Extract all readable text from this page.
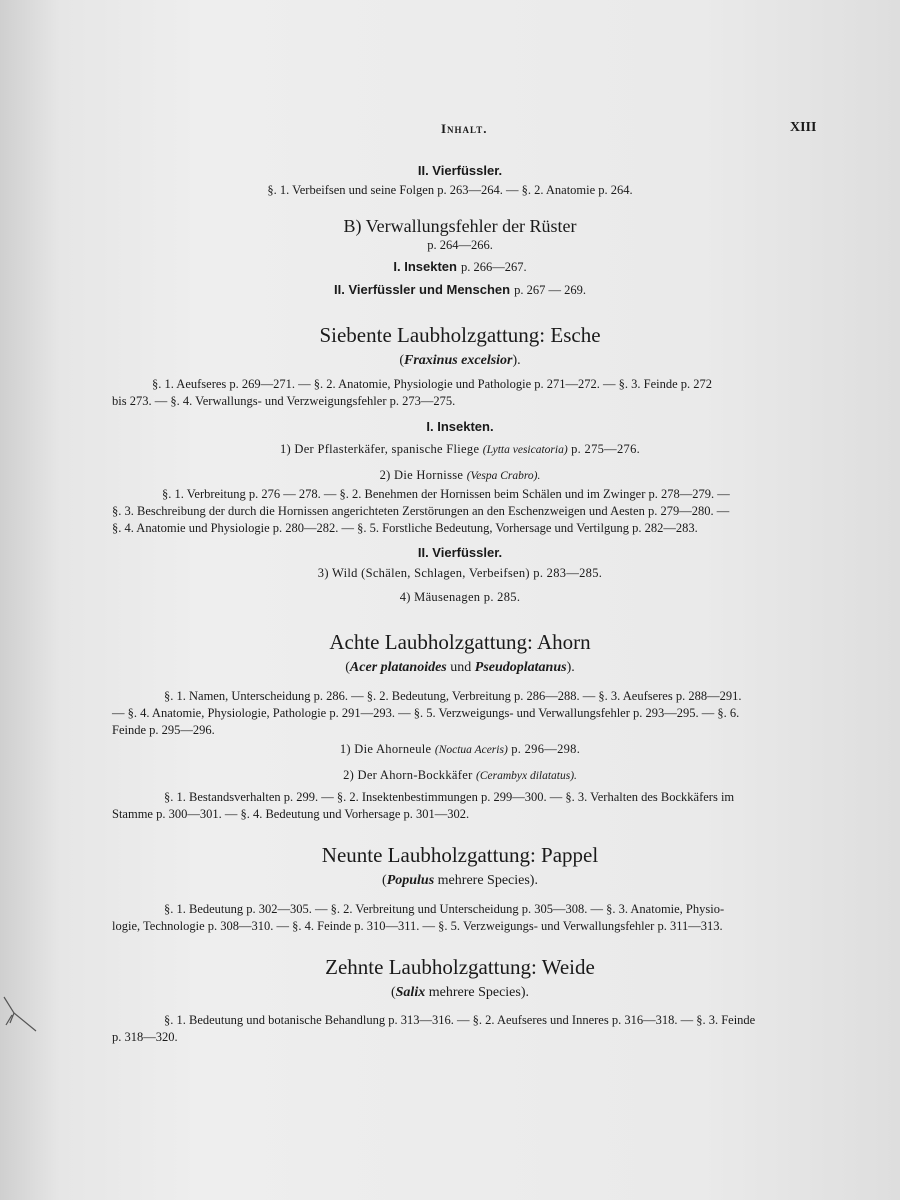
Inhalt.	XIII
II. Vierfüssler.
§. 1. Verbeifsen und seine Folgen p. 263—264. — §. 2. Anatomie p. 264.
B) Verwallungsfehler der Rüster
p. 264—266.
I. Insekten p. 266—267.
II. Vierfüssler und Menschen p. 267 — 269.
Siebente Laubholzgattung: Esche
(Fraxinus excelsior).
§. 1. Aeufseres p. 269—271. — §. 2. Anatomie, Physiologie und Pathologie p. 271—272. — §. 3. Feinde p. 272
bis 273. — §. 4. Verwallungs- und Verzweigungsfehler p. 273—275.
I. Insekten.
1) Der Pflasterkäfer, spanische Fliege (Lytta vesicatoria) p. 275—276.
2) Die Hornisse (Vespa Crabro).
§. 1. Verbreitung p. 276 — 278. — §. 2. Benehmen der Hornissen beim Schälen und im Zwinger p. 278—279. —
§. 3. Beschreibung der durch die Hornissen angerichteten Zerstörungen an den Eschenzweigen und Aesten p. 279—280. —
§. 4. Anatomie und Physiologie p. 280—282. — §. 5. Forstliche Bedeutung, Vorhersage und Vertilgung p. 282—283.
II. Vierfüssler.
3) Wild (Schälen, Schlagen, Verbeifsen) p. 283—285.
4) Mäusenagen p. 285.
Achte Laubholzgattung: Ahorn
(Acer platanoides und Pseudoplatanus).
§. 1. Namen, Unterscheidung p. 286. — §. 2. Bedeutung, Verbreitung p. 286—288. — §. 3. Aeufseres p. 288—291.
— §. 4. Anatomie, Physiologie, Pathologie p. 291—293. — §. 5. Verzweigungs- und Verwallungsfehler p. 293—295. — §. 6.
Feinde p. 295—296.
1) Die Ahorneule (Noctua Aceris) p. 296—298.
2) Der Ahorn-Bockkäfer (Cerambyx dilatatus).
§. 1. Bestandsverhalten p. 299. — §. 2. Insektenbestimmungen p. 299—300. — §. 3. Verhalten des Bockkäfers im
Stamme p. 300—301. — §. 4. Bedeutung und Vorhersage p. 301—302.
Neunte Laubholzgattung: Pappel
(Populus mehrere Species).
§. 1. Bedeutung p. 302—305. — §. 2. Verbreitung und Unterscheidung p. 305—308. — §. 3. Anatomie, Physio-
logie, Technologie p. 308—310. — §. 4. Feinde p. 310—311. — §. 5. Verzweigungs- und Verwallungsfehler p. 311—313.
Zehnte Laubholzgattung: Weide
(Salix mehrere Species).
§. 1. Bedeutung und botanische Behandlung p. 313—316. — §. 2. Aeufseres und Inneres p. 316—318. — §. 3. Feinde
p. 318—320.
